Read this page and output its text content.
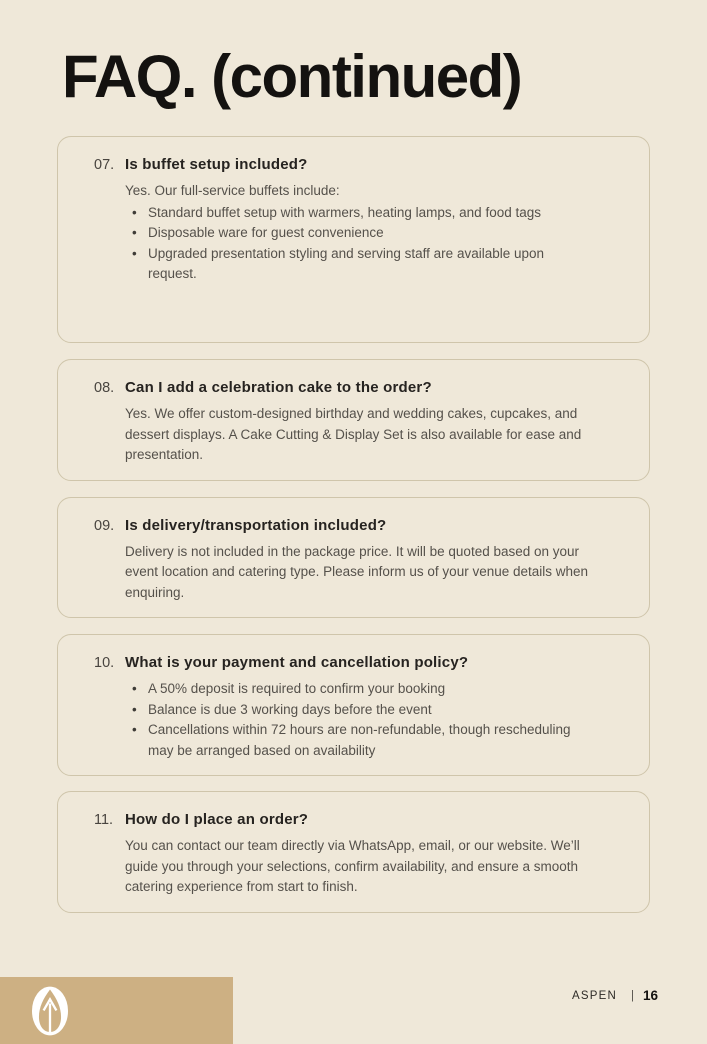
FAQ. (continued)
07. Is buffet setup included?

Yes. Our full-service buffets include:

• Standard buffet setup with warmers, heating lamps, and food tags
• Disposable ware for guest convenience
• Upgraded presentation styling and serving staff are available upon request.
08. Can I add a celebration cake to the order?

Yes. We offer custom-designed birthday and wedding cakes, cupcakes, and dessert displays. A Cake Cutting & Display Set is also available for ease and presentation.

09. Is delivery/transportation included?

Delivery is not included in the package price. It will be quoted based on your event location and catering type. Please inform us of your venue details when enquiring.

10. What is your payment and cancellation policy?
• A 50% deposit is required to confirm your booking
• Balance is due 3 working days before the event
• Cancellations within 72 hours are non-refundable, though rescheduling may be arranged based on availability
11. How do I place an order?

You can contact our team directly via WhatsApp, email, or our website. We’ll guide you through your selections, confirm availability, and ensure a smooth catering experience from start to finish.

ASPEN | 16
